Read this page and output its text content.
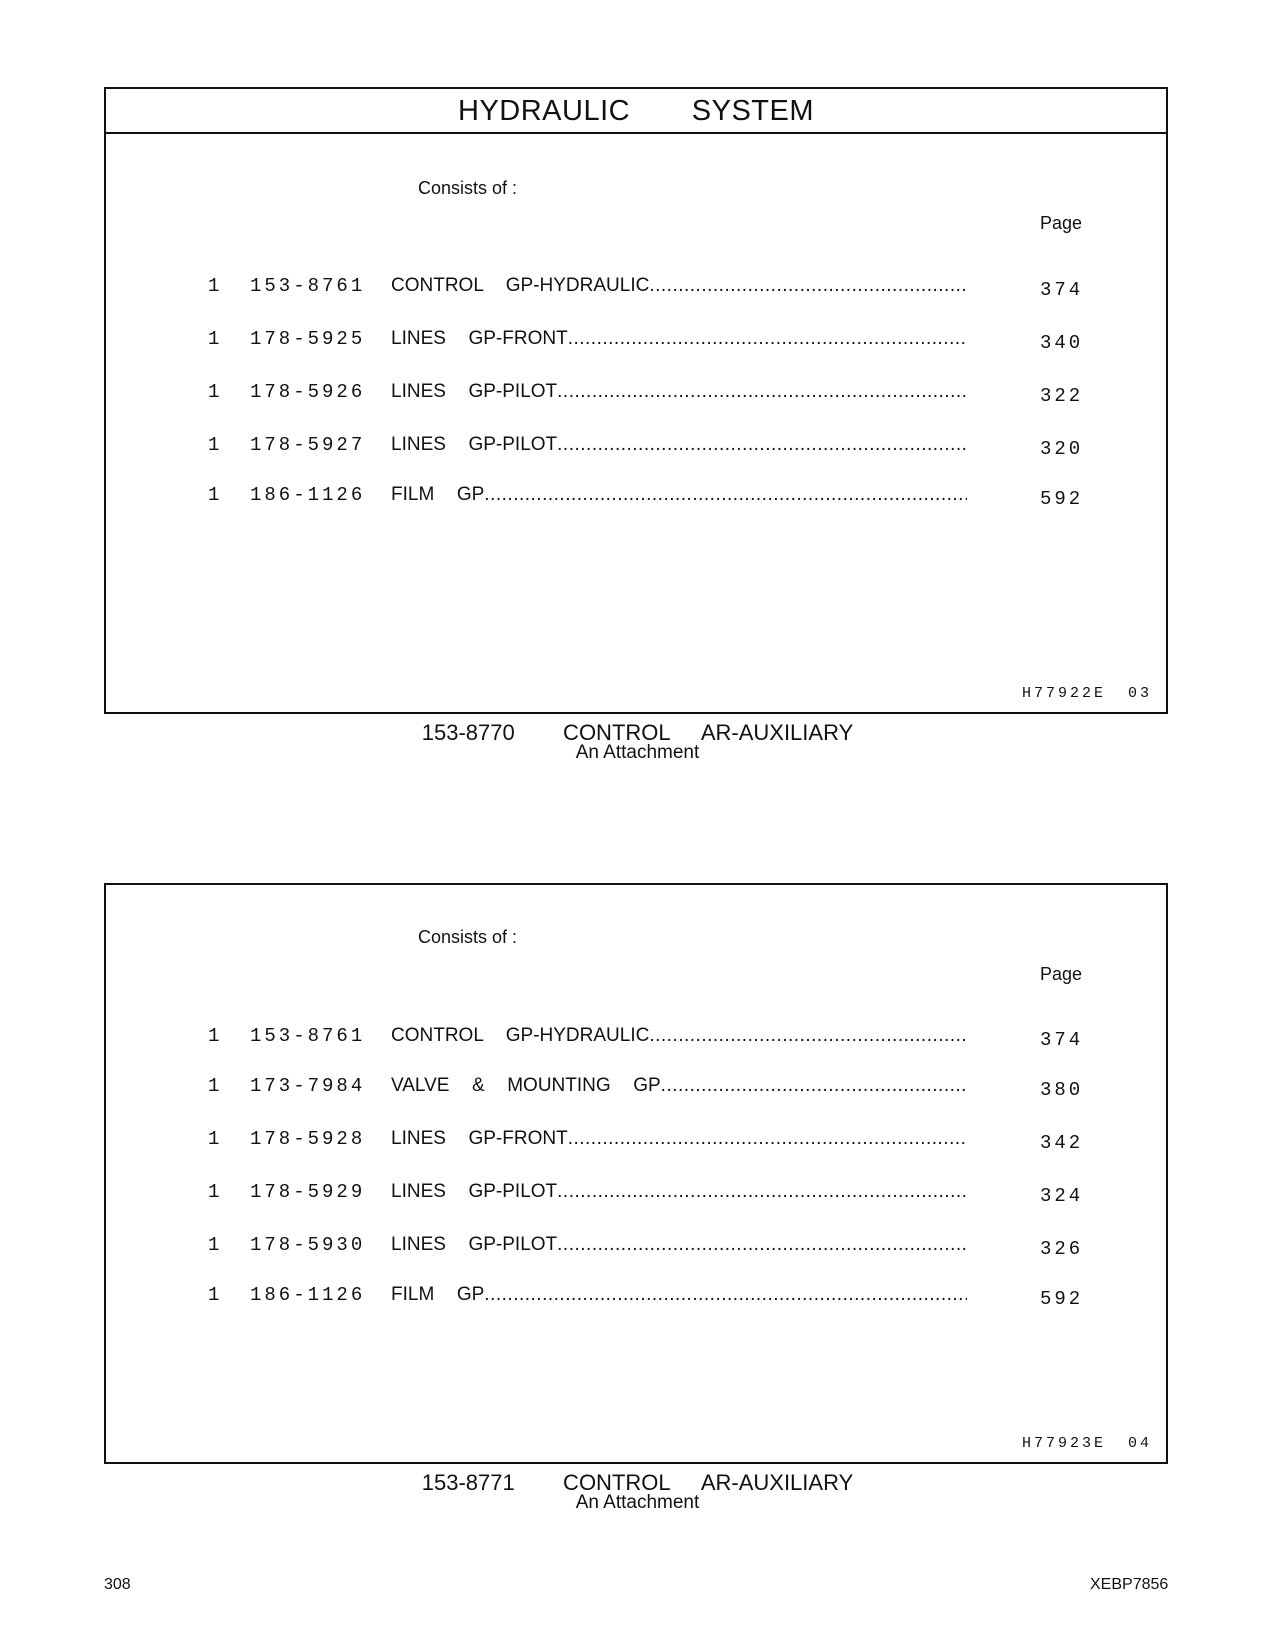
HYDRAULIC   SYSTEM
Consists of :
Page
1 153-8761 CONTROL  GP-HYDRAULIC .....	374
1 178-5925 LINES  GP-FRONT .....	340
1 178-5926 LINES  GP-PILOT .....	322
1 178-5927 LINES  GP-PILOT .....	320
1 186-1126 FILM  GP .....	592
H77922E 03
153-8770   CONTROL  AR-AUXILIARY
An Attachment
Consists of :
Page
1 153-8761 CONTROL  GP-HYDRAULIC .....	374
1 173-7984 VALVE  &  MOUNTING  GP .....	380
1 178-5928 LINES  GP-FRONT .....	342
1 178-5929 LINES  GP-PILOT .....	324
1 178-5930 LINES  GP-PILOT .....	326
1 186-1126 FILM  GP .....	592
H77923E 04
153-8771   CONTROL  AR-AUXILIARY
An Attachment
308	XEBP7856
